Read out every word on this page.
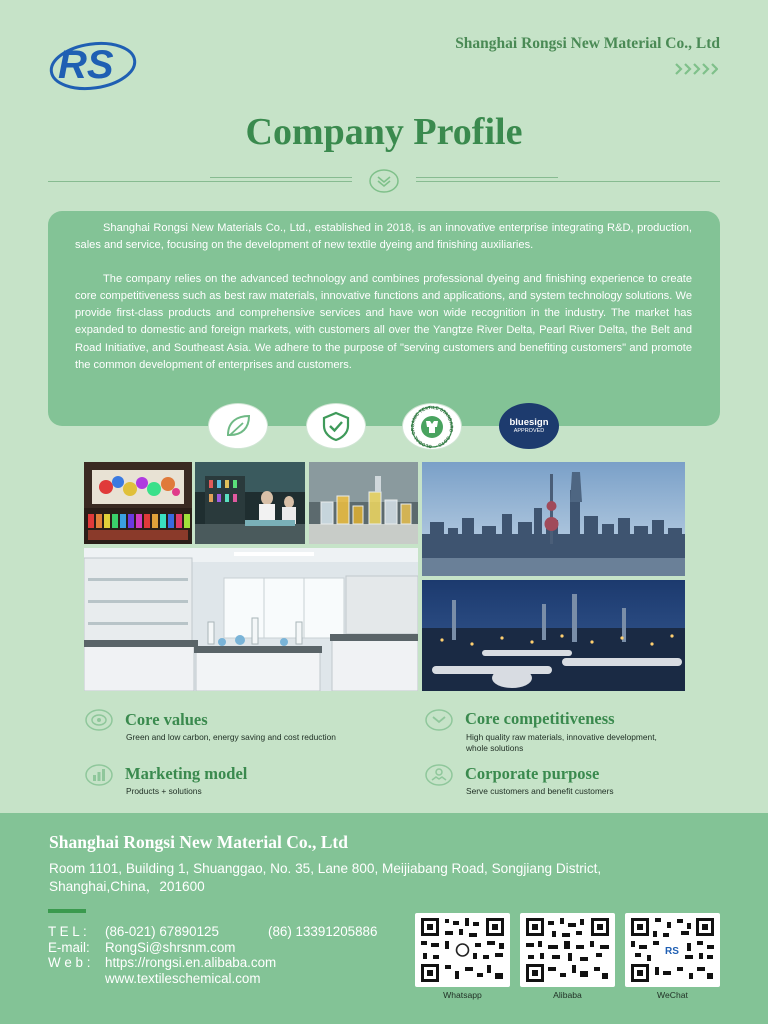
RS	Shanghai Rongsi New Material Co., Ltd
Company Profile

Shanghai Rongsi New Materials Co., Ltd., established in 2018, is an innovative enterprise integrating R&D, production, sales and service, focusing on the development of new textile dyeing and finishing auxiliaries.

The company relies on the advanced technology and combines professional dyeing and finishing experience to create core competitiveness such as best raw materials, innovative functions and applications, and system technology solutions. We provide first-class products and comprehensive services and have won wide recognition in the industry. The market has expanded to domestic and foreign markets, with customers all over the Yangtze River Delta, Pearl River Delta, the Belt and Road Initiative, and Southeast Asia. We adhere to the purpose of "serving customers and benefiting customers" and promote the common development of enterprises and customers.

GLOBAL ORGANIC TEXTILE STANDARD · GOTS ·
bluesign
APPROVED
Core values
Green and low carbon, energy saving and cost reduction
Core competitiveness
High quality raw materials, innovative development, whole solutions
Marketing model
Products + solutions
Corporate purpose
Serve customers and benefit customers
Shanghai Rongsi New Material Co., Ltd
Room 1101, Building 1, Shuanggao, No. 35, Lane 800, Meijiabang Road, Songjiang District, Shanghai,China，201600
T E L : (86-021) 67890125	(86) 13391205886
E-mail: RongSi@shrsnm.com
W e b : https://rongsi.en.alibaba.com
www.textileschemical.com
RS
Whatsapp	Alibaba	WeChat
